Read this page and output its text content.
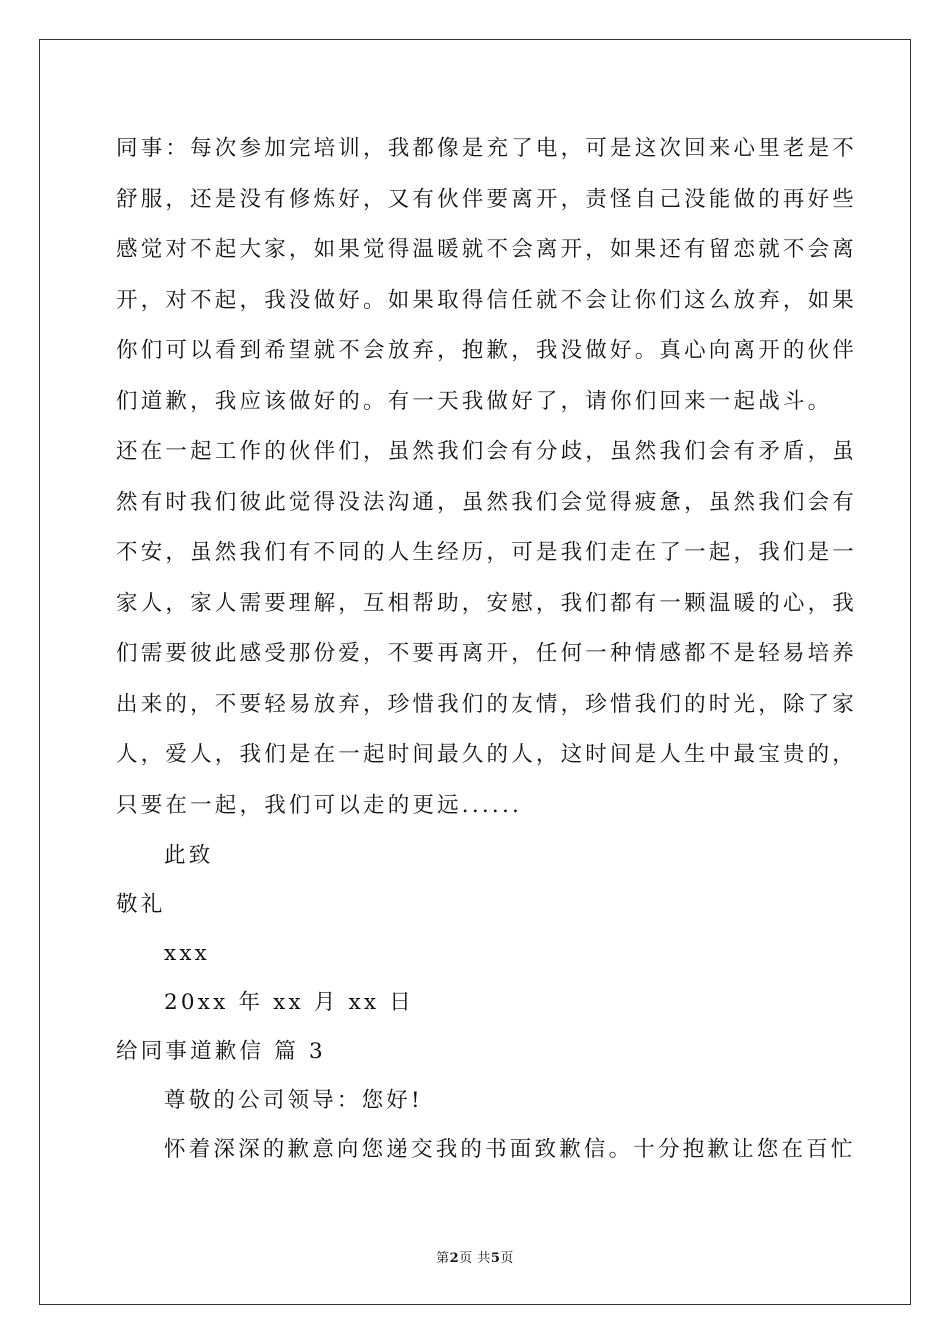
同事：每次参加完培训，我都像是充了电，可是这次回来心里老是不
舒服，还是没有修炼好，又有伙伴要离开，责怪自己没能做的再好些
感觉对不起大家，如果觉得温暖就不会离开，如果还有留恋就不会离
开，对不起，我没做好。如果取得信任就不会让你们这么放弃，如果
你们可以看到希望就不会放弃，抱歉，我没做好。真心向离开的伙伴
们道歉，我应该做好的。有一天我做好了，请你们回来一起战斗。
还在一起工作的伙伴们，虽然我们会有分歧，虽然我们会有矛盾，虽
然有时我们彼此觉得没法沟通，虽然我们会觉得疲惫，虽然我们会有
不安，虽然我们有不同的人生经历，可是我们走在了一起，我们是一
家人，家人需要理解，互相帮助，安慰，我们都有一颗温暖的心，我
们需要彼此感受那份爱，不要再离开，任何一种情感都不是轻易培养
出来的，不要轻易放弃，珍惜我们的友情，珍惜我们的时光，除了家
人，爱人，我们是在一起时间最久的人，这时间是人生中最宝贵的，
只要在一起，我们可以走的更远......
此致
敬礼
xxx
20xx 年 xx 月 xx 日
给同事道歉信 篇 3
尊敬的公司领导：您好!
怀着深深的歉意向您递交我的书面致歉信。十分抱歉让您在百忙
第2页 共5页
